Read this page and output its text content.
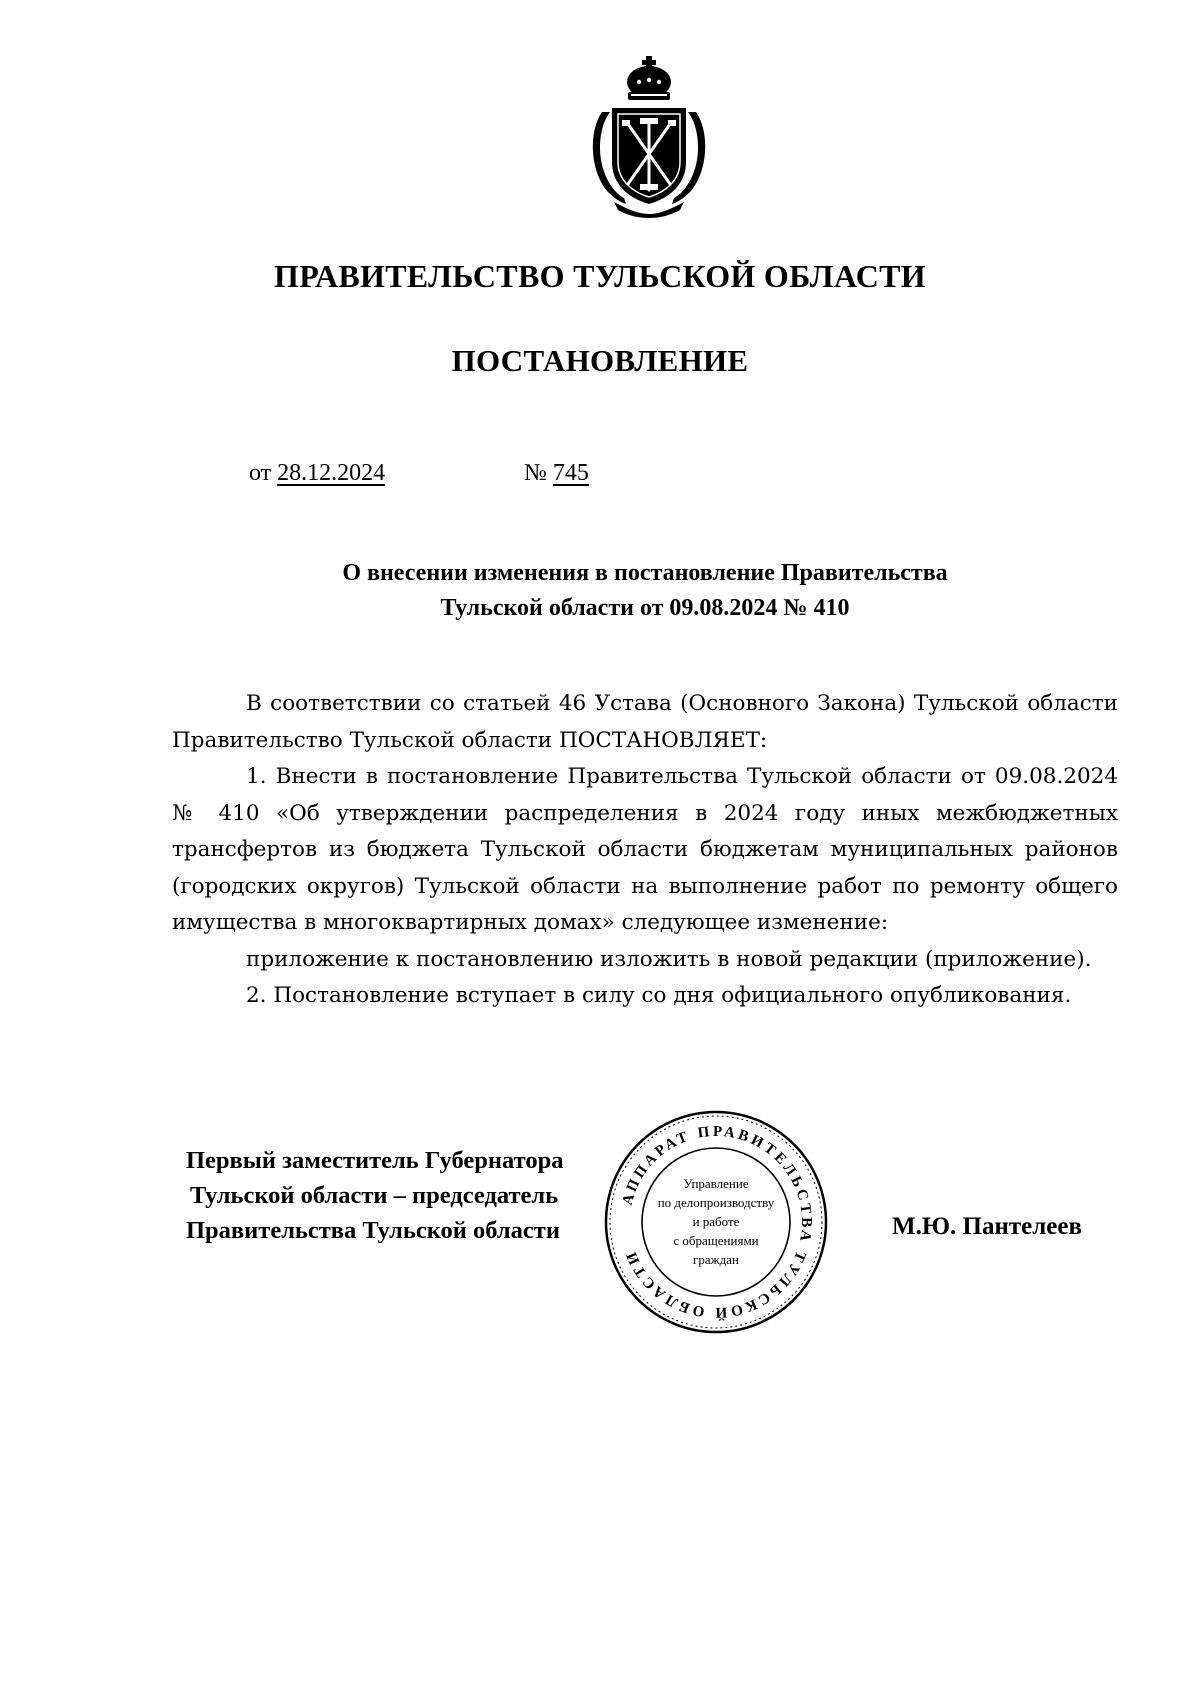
ПРАВИТЕЛЬСТВО ТУЛЬСКОЙ ОБЛАСТИ
ПОСТАНОВЛЕНИЕ
от 28.12.2024	№ 745
О внесении изменения в постановление Правительства
Тульской области от 09.08.2024 № 410

В соответствии со статьей 46 Устава (Основного Закона) Тульской области Правительство Тульской области ПОСТАНОВЛЯЕТ:

1. Внести в постановление Правительства Тульской области от 09.08.2024 № 410 «Об утверждении распределения в 2024 году иных межбюджетных трансфертов из бюджета Тульской области бюджетам муниципальных районов (городских округов) Тульской области на выполнение работ по ремонту общего имущества в многоквартирных домах» следующее изменение:

приложение к постановлению изложить в новой редакции (приложение).

2. Постановление вступает в силу со дня официального опубликования.

Первый заместитель Губернатора
Тульской области – председатель
Правительства Тульской области	М.Ю. Пантелеев
АППАРАТ ПРАВИТЕЛЬСТВА ТУЛЬСКОЙ ОБЛАСТИ
Управление
по делопроизводству
и работе
с обращениями
граждан
